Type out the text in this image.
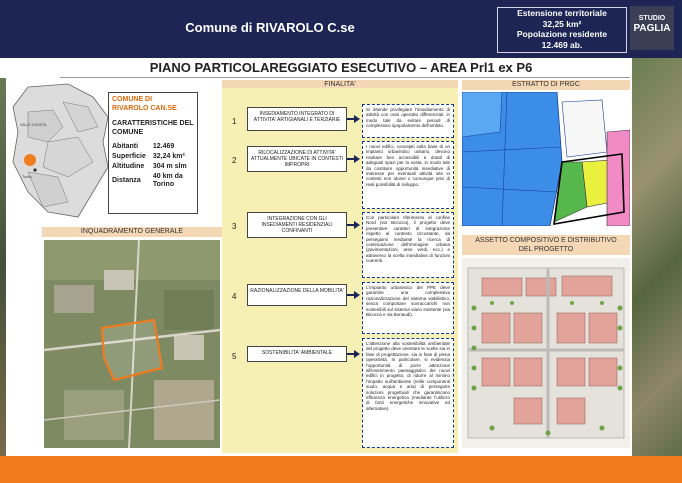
Comune di RIVAROLO C.se
Estensione territoriale
32,25 km²
Popolazione residente
12.469 ab.
STUDIO
PAGLIA
PIANO PARTICOLAREGGIATO ESECUTIVO – AREA Prl1 ex P6
VALLE D'AOSTA
Torino
COMUNE DI
RIVAROLO CAN.SE
CARATTERISTICHE DEL COMUNE
Abitanti	12.469
Superficie	32,24 km²
Altitudine	304 m slm
Distanza	40 km da Torino
INQUADRAMENTO GENERALE
FINALITA'
1
INSEDIAMENTO INTEGRATO DI ATTIVITA' ARTIGIANALI E TERZIARIE
Si intende privilegiare l'insediamento di attività con orari operativi differenziati, in modo tale da evitare periodi di complessivo spopolamento dell'ambito.
2
RILOCALIZZAZIONE DI ATTIVITA' ATTUALMENTE UBICATE IN CONTESTI IMPROPRI
I nuovi edifici, concepiti sulla base di un impianto urbanistico unitario, devono risultare ben accessibili e dotati di adeguati spazi per la sosta, in modo tale da costituire opportunità insediative di interesse per eventuali attività site in contesti non idonei o comunque privi di reali possibilità di sviluppo.
3
INTEGRAZIONE CON GLI INSEDIAMENTI RESIDENZIALI CONFINANTI
Con particolare riferimento al confine Nord (via Bicocca), il progetto deve presentare caratteri di integrazione rispetto al contesto circostante, da perseguirsi mediante la ricerca di continuazione dell'immagine urbana (pavimentazioni, aree verdi, ecc.) e attraverso la scelta insediativa di funzioni coerenti.
4
RAZIONALIZZAZIONE DELLA MOBILITA'
L'impianto urbanistico del PPE deve garantire una complessiva razionalizzazione del sistema viabilistico, senza comportare sovraccarichi non sostenibili sul sistema viario esistente (via Bicocca e via Bonaudi).
5	SOSTENIBILITA' AMBIENTALE
L'attenzione alla sostenibilità ambientale del progetto deve orientare le scelte sia in fase di progettazione, sia in fase di piena operatività. In particolare, si evidenzia l'opportunità di porre attenzione all'inserimento paesaggistico dei nuovi edifici in progetto, di ridurre al minimo l'impatto sull'ambiente (nelle componenti suolo, acqua e aria) di perseguire soluzioni progettuali che garantiscano efficienza energetica (mediante l'utilizzo di fonti energetiche innovative ed alternative).
ESTRATTO DI PRGC
ASSETTO COMPOSITIVO E DISTRIBUTIVO
DEL PROGETTO
